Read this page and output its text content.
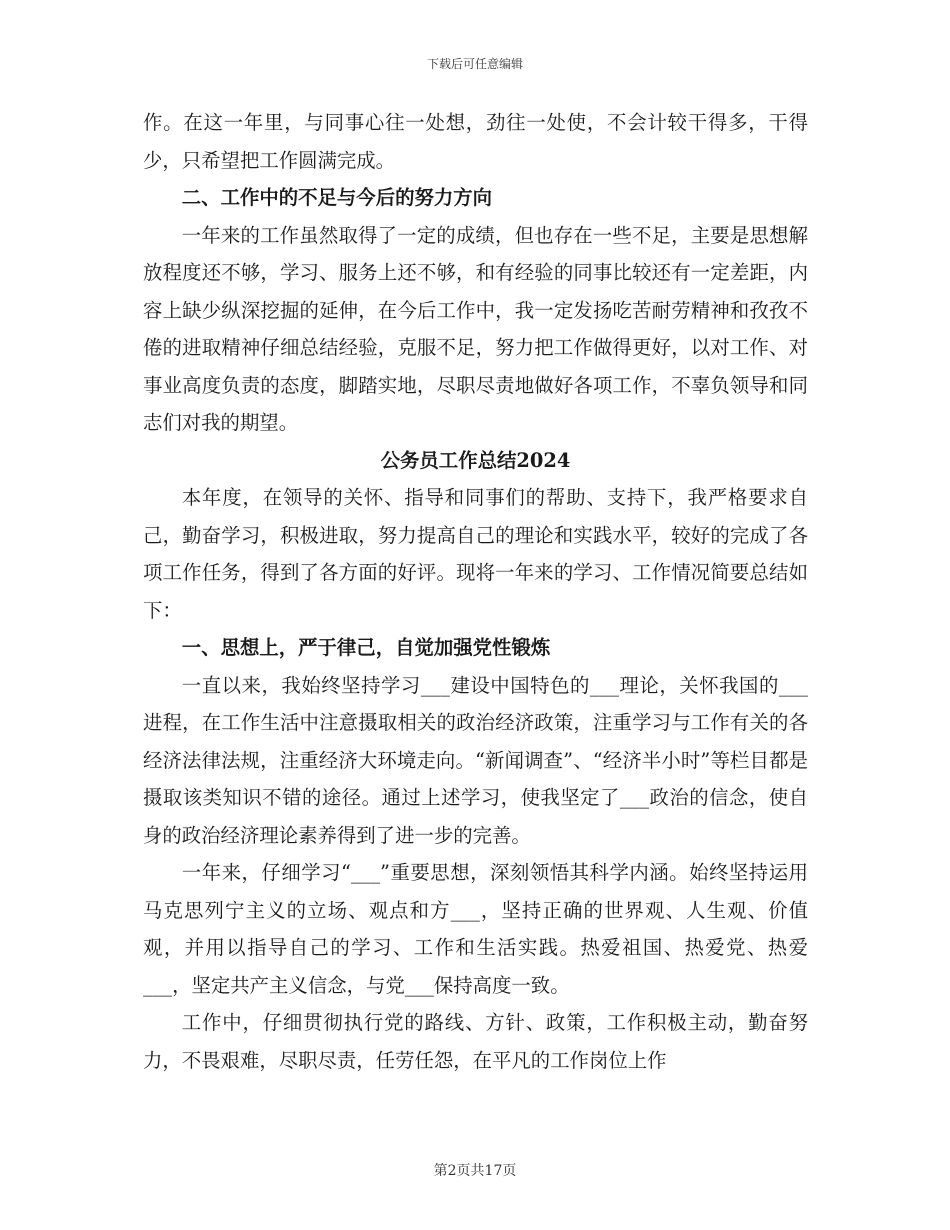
下载后可任意编辑

作。在这一年里，与同事心往一处想，劲往一处使，不会计较干得多，干得少，只希望把工作圆满完成。

二、工作中的不足与今后的努力方向

一年来的工作虽然取得了一定的成绩，但也存在一些不足，主要是思想解放程度还不够，学习、服务上还不够，和有经验的同事比较还有一定差距，内容上缺少纵深挖掘的延伸，在今后工作中，我一定发扬吃苦耐劳精神和孜孜不倦的进取精神仔细总结经验，克服不足，努力把工作做得更好，以对工作、对事业高度负责的态度，脚踏实地，尽职尽责地做好各项工作，不辜负领导和同志们对我的期望。

公务员工作总结2024

本年度，在领导的关怀、指导和同事们的帮助、支持下，我严格要求自己，勤奋学习，积极进取，努力提高自己的理论和实践水平，较好的完成了各项工作任务，得到了各方面的好评。现将一年来的学习、工作情况简要总结如下：

一、思想上，严于律己，自觉加强党性锻炼

一直以来，我始终坚持学习___建设中国特色的___理论，关怀我国的___进程，在工作生活中注意摄取相关的政治经济政策，注重学习与工作有关的各经济法律法规，注重经济大环境走向。“新闻调查”、“经济半小时”等栏目都是摄取该类知识不错的途径。通过上述学习，使我坚定了___政治的信念，使自身的政治经济理论素养得到了进一步的完善。

一年来，仔细学习“___”重要思想，深刻领悟其科学内涵。始终坚持运用马克思列宁主义的立场、观点和方___，坚持正确的世界观、人生观、价值观，并用以指导自己的学习、工作和生活实践。热爱祖国、热爱党、热爱___，坚定共产主义信念，与党___保持高度一致。

工作中，仔细贯彻执行党的路线、方针、政策，工作积极主动，勤奋努力，不畏艰难，尽职尽责，任劳任怨，在平凡的工作岗位上作

第2页共17页
